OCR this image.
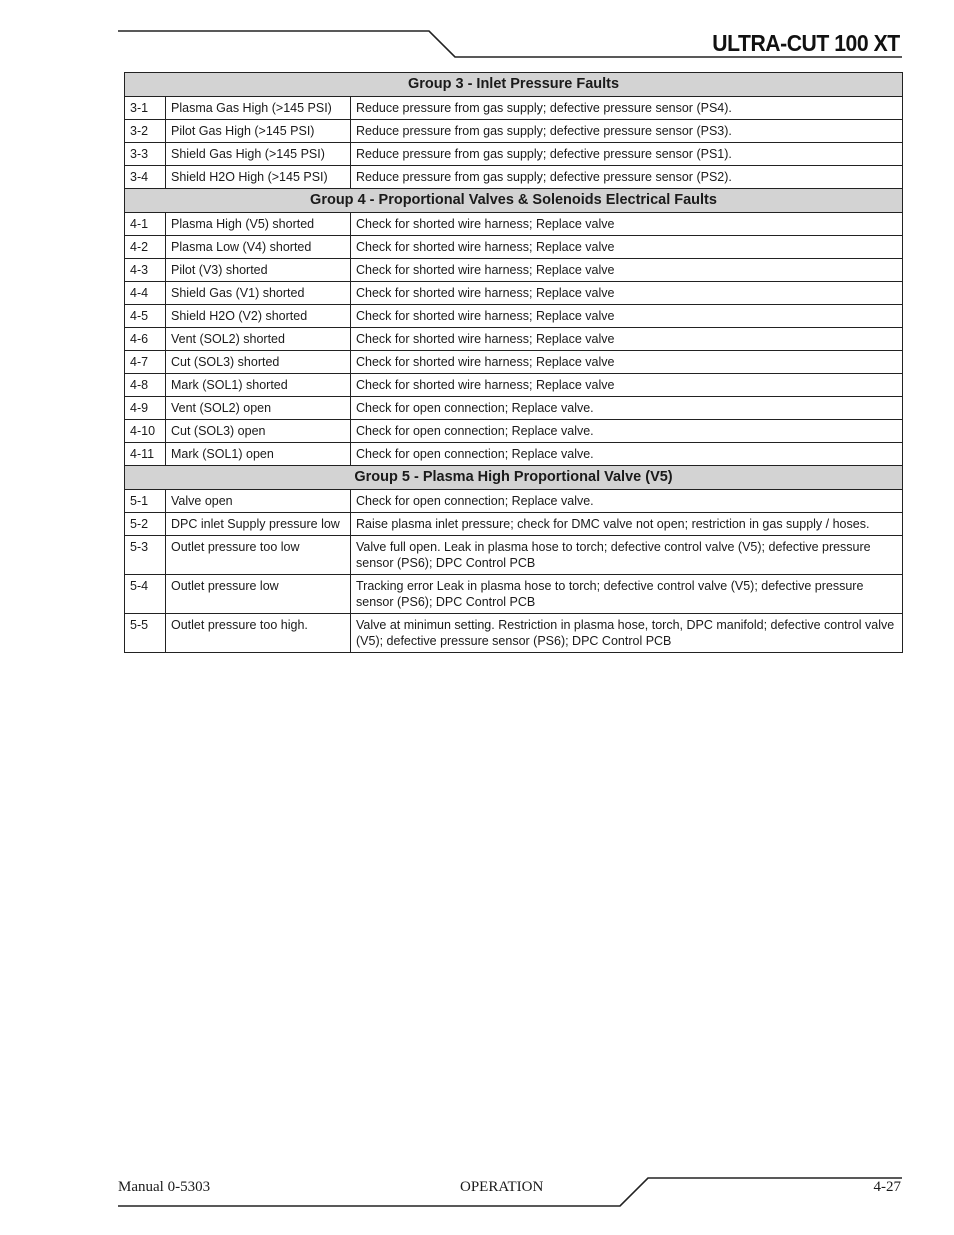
ULTRA-CUT 100 XT
Group 3 - Inlet Pressure Faults		
3-1	Plasma Gas High (>145 PSI)	Reduce pressure from gas supply; defective pressure sensor (PS4).
3-2	Pilot Gas High (>145 PSI)	Reduce pressure from gas supply; defective pressure sensor (PS3).
3-3	Shield Gas High (>145 PSI)	Reduce pressure from gas supply; defective pressure sensor (PS1).
3-4	Shield H2O High (>145 PSI)	Reduce pressure from gas supply; defective pressure sensor (PS2).
Group 4 - Proportional Valves & Solenoids Electrical Faults		
4-1	Plasma High (V5) shorted	Check for shorted wire harness; Replace valve
4-2	Plasma Low (V4) shorted	Check for shorted wire harness; Replace valve
4-3	Pilot (V3) shorted	Check for shorted wire harness; Replace valve
4-4	Shield Gas (V1) shorted	Check for shorted wire harness; Replace valve
4-5	Shield H2O (V2) shorted	Check for shorted wire harness; Replace valve
4-6	Vent (SOL2) shorted	Check for shorted wire harness; Replace valve
4-7	Cut (SOL3) shorted	Check for shorted wire harness; Replace valve
4-8	Mark (SOL1) shorted	Check for shorted wire harness; Replace valve
4-9	Vent (SOL2) open	Check for open connection; Replace valve.
4-10	Cut (SOL3) open	Check for open connection; Replace valve.
4-11	Mark (SOL1) open	Check for open connection; Replace valve.
Group 5 - Plasma High Proportional Valve (V5)		
5-1	Valve open	Check for open connection; Replace valve.
5-2	DPC inlet Supply pressure low	Raise plasma inlet pressure; check for DMC valve not open; restriction in gas supply / hoses.
5-3	Outlet pressure too low	Valve full open. Leak in plasma hose to torch; defective control valve (V5); defective pressure sensor (PS6); DPC Control PCB
5-4	Outlet pressure low	Tracking error Leak in plasma hose to torch; defective control valve (V5); defective pressure sensor (PS6); DPC Control PCB
5-5	Outlet pressure too high.	Valve at minimun setting. Restriction in plasma hose, torch, DPC manifold; defective control valve (V5); defective pressure sensor (PS6); DPC Control PCB
Manual 0-5303	OPERATION	4-27
